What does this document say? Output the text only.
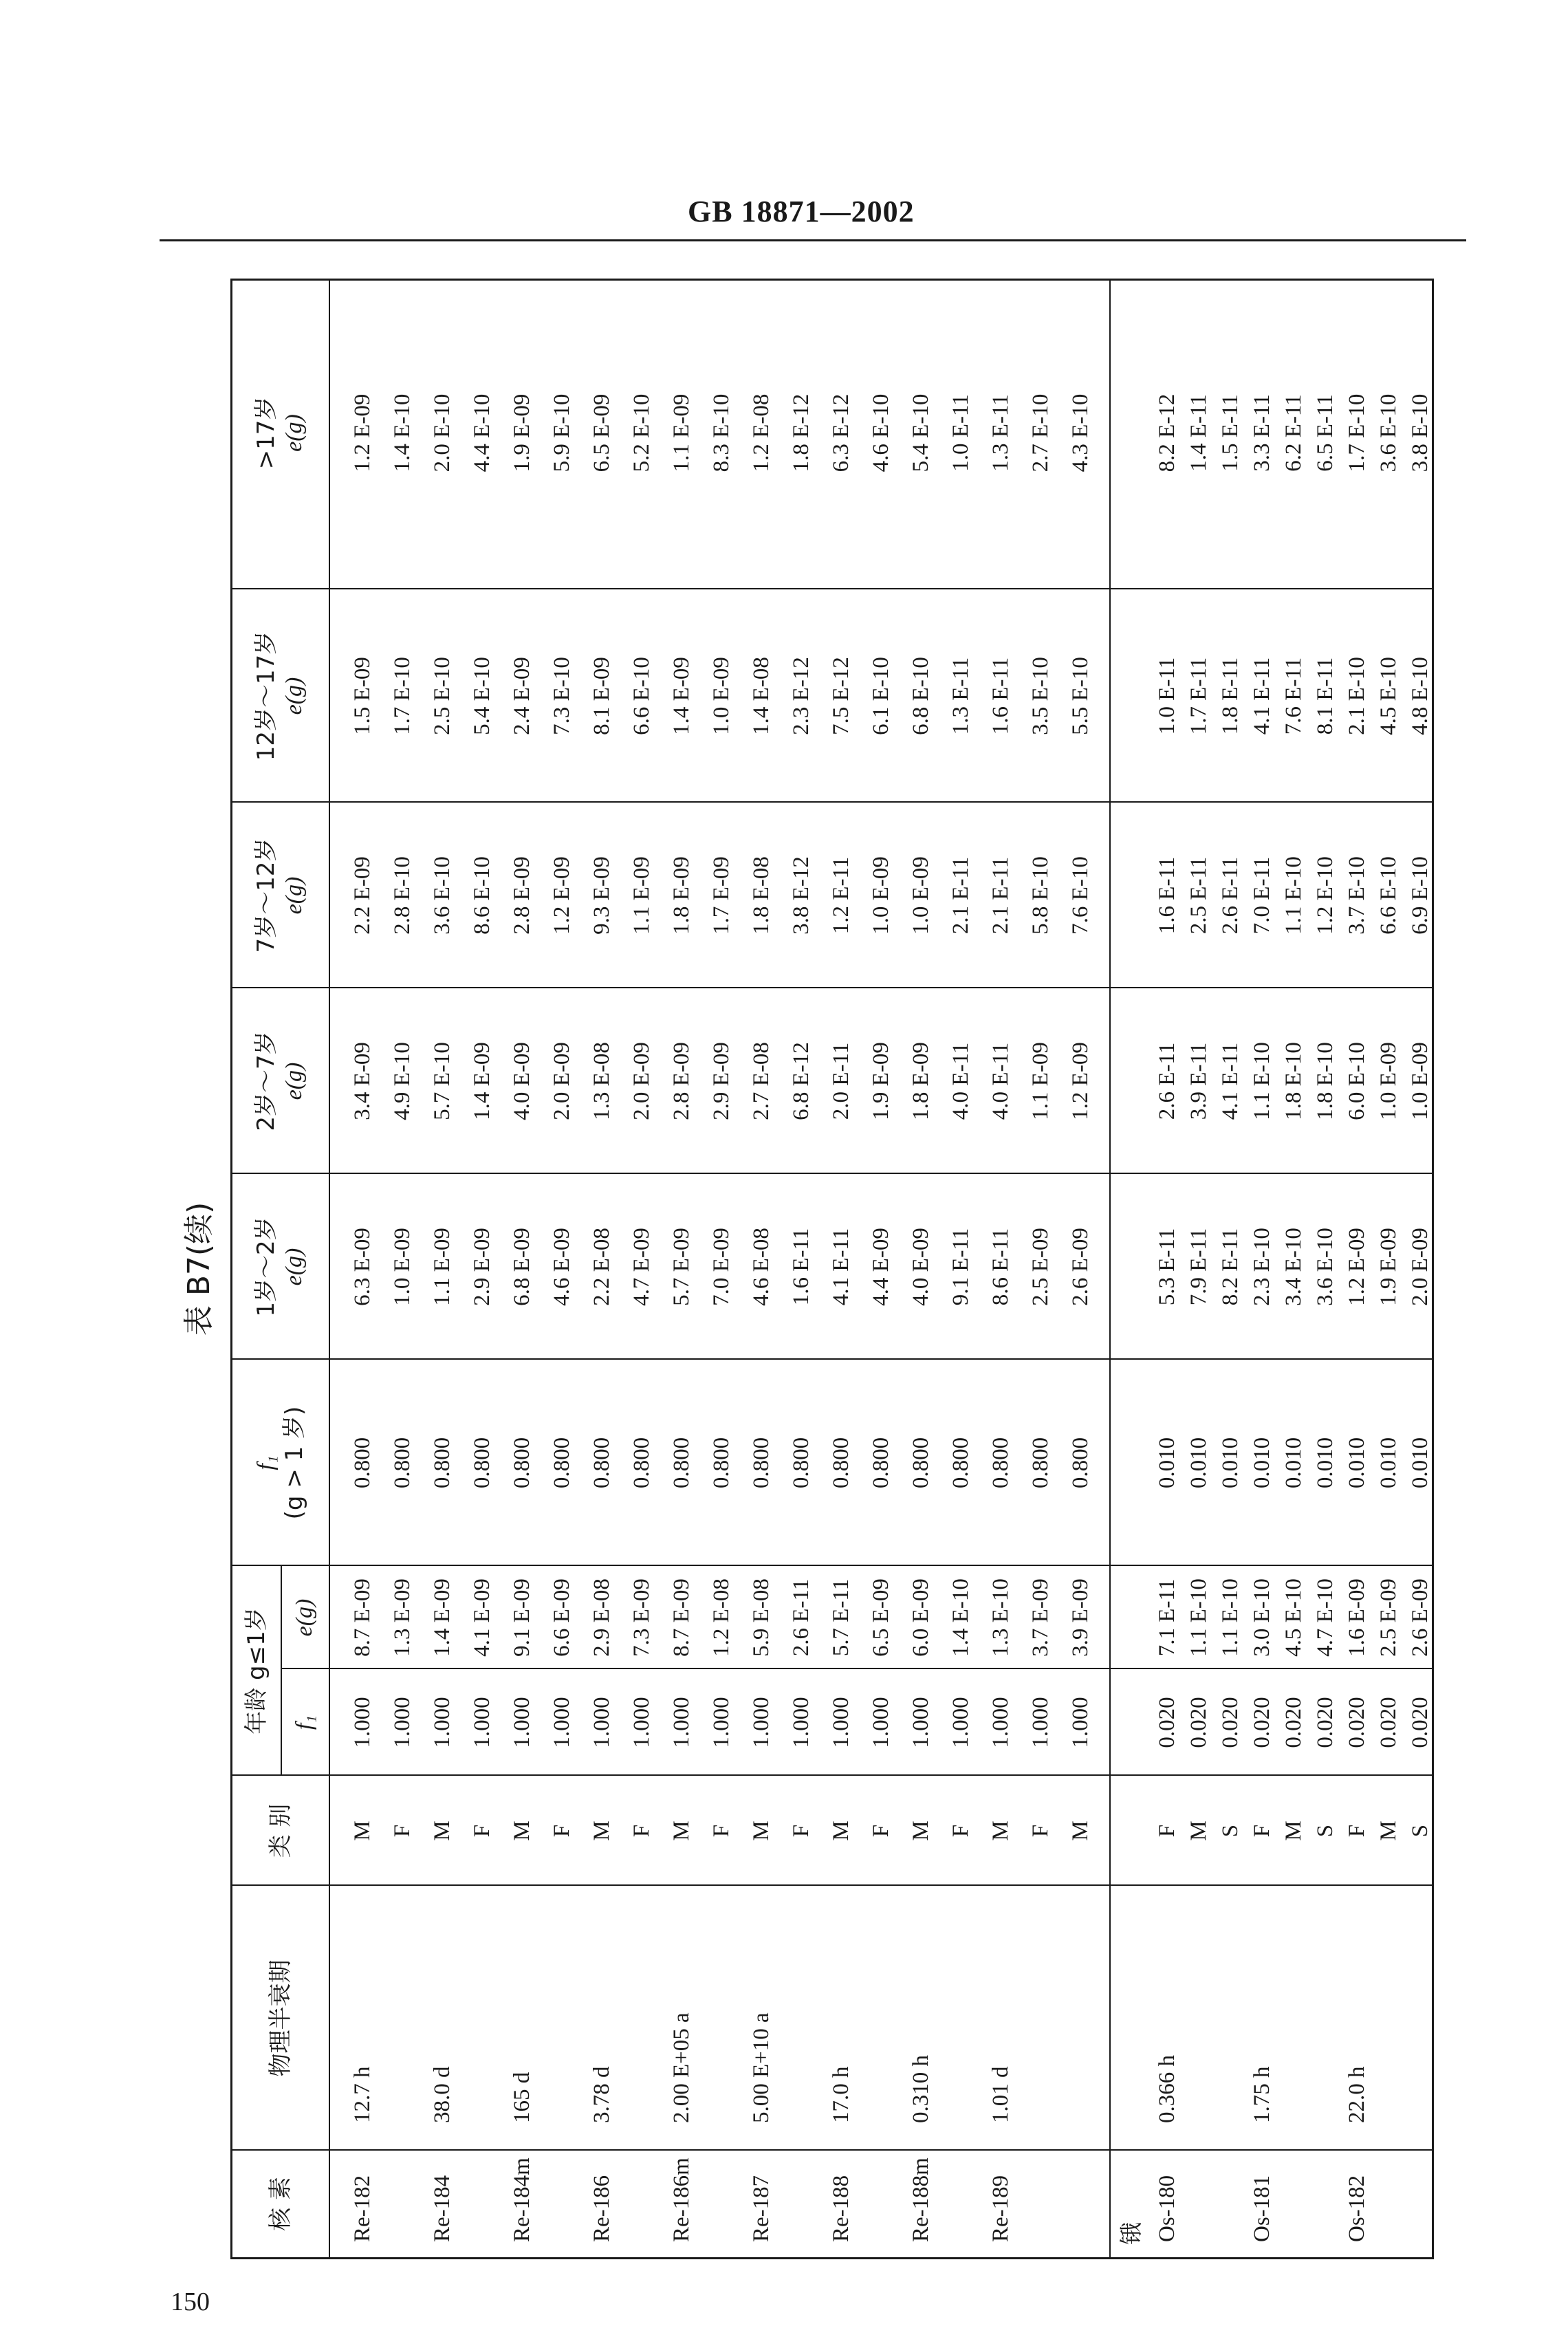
GB 18871—2002
150
表 B7(续)
核 素
物理半衰期
类 别
年龄 g≤1岁 f₁
e(g)
f₁ (g > 1 岁)
1岁～2岁 e(g)
2岁～7岁 e(g)
7岁～12岁 e(g)
12岁～17岁 e(g)
>17岁 e(g)
锇
Re-182
12.7 h
M
1.000
8.7 E-09
0.800
6.3 E-09
3.4 E-09
2.2 E-09
1.5 E-09
1.2 E-09
F
1.000
1.3 E-09
0.800
1.0 E-09
4.9 E-10
2.8 E-10
1.7 E-10
1.4 E-10
Re-184
38.0 d
M
1.000
1.4 E-09
0.800
1.1 E-09
5.7 E-10
3.6 E-10
2.5 E-10
2.0 E-10
F
1.000
4.1 E-09
0.800
2.9 E-09
1.4 E-09
8.6 E-10
5.4 E-10
4.4 E-10
Re-184m
165 d
M
1.000
9.1 E-09
0.800
6.8 E-09
4.0 E-09
2.8 E-09
2.4 E-09
1.9 E-09
F
1.000
6.6 E-09
0.800
4.6 E-09
2.0 E-09
1.2 E-09
7.3 E-10
5.9 E-10
Re-186
3.78 d
M
1.000
2.9 E-08
0.800
2.2 E-08
1.3 E-08
9.3 E-09
8.1 E-09
6.5 E-09
F
1.000
7.3 E-09
0.800
4.7 E-09
2.0 E-09
1.1 E-09
6.6 E-10
5.2 E-10
Re-186m
2.00 E+05 a
M
1.000
8.7 E-09
0.800
5.7 E-09
2.8 E-09
1.8 E-09
1.4 E-09
1.1 E-09
F
1.000
1.2 E-08
0.800
7.0 E-09
2.9 E-09
1.7 E-09
1.0 E-09
8.3 E-10
Re-187
5.00 E+10 a
M
1.000
5.9 E-08
0.800
4.6 E-08
2.7 E-08
1.8 E-08
1.4 E-08
1.2 E-08
F
1.000
2.6 E-11
0.800
1.6 E-11
6.8 E-12
3.8 E-12
2.3 E-12
1.8 E-12
Re-188
17.0 h
M
1.000
5.7 E-11
0.800
4.1 E-11
2.0 E-11
1.2 E-11
7.5 E-12
6.3 E-12
F
1.000
6.5 E-09
0.800
4.4 E-09
1.9 E-09
1.0 E-09
6.1 E-10
4.6 E-10
Re-188m
0.310 h
M
1.000
6.0 E-09
0.800
4.0 E-09
1.8 E-09
1.0 E-09
6.8 E-10
5.4 E-10
F
1.000
1.4 E-10
0.800
9.1 E-11
4.0 E-11
2.1 E-11
1.3 E-11
1.0 E-11
Re-189
1.01 d
M
1.000
1.3 E-10
0.800
8.6 E-11
4.0 E-11
2.1 E-11
1.6 E-11
1.3 E-11
F
1.000
3.7 E-09
0.800
2.5 E-09
1.1 E-09
5.8 E-10
3.5 E-10
2.7 E-10
M
1.000
3.9 E-09
0.800
2.6 E-09
1.2 E-09
7.6 E-10
5.5 E-10
4.3 E-10
Os-180
0.366 h
F
0.020
7.1 E-11
0.010
5.3 E-11
2.6 E-11
1.6 E-11
1.0 E-11
8.2 E-12
M
0.020
1.1 E-10
0.010
7.9 E-11
3.9 E-11
2.5 E-11
1.7 E-11
1.4 E-11
S
0.020
1.1 E-10
0.010
8.2 E-11
4.1 E-11
2.6 E-11
1.8 E-11
1.5 E-11
Os-181
1.75 h
F
0.020
3.0 E-10
0.010
2.3 E-10
1.1 E-10
7.0 E-11
4.1 E-11
3.3 E-11
M
0.020
4.5 E-10
0.010
3.4 E-10
1.8 E-10
1.1 E-10
7.6 E-11
6.2 E-11
S
0.020
4.7 E-10
0.010
3.6 E-10
1.8 E-10
1.2 E-10
8.1 E-11
6.5 E-11
Os-182
22.0 h
F
0.020
1.6 E-09
0.010
1.2 E-09
6.0 E-10
3.7 E-10
2.1 E-10
1.7 E-10
M
0.020
2.5 E-09
0.010
1.9 E-09
1.0 E-09
6.6 E-10
4.5 E-10
3.6 E-10
S
0.020
2.6 E-09
0.010
2.0 E-09
1.0 E-09
6.9 E-10
4.8 E-10
3.8 E-10
